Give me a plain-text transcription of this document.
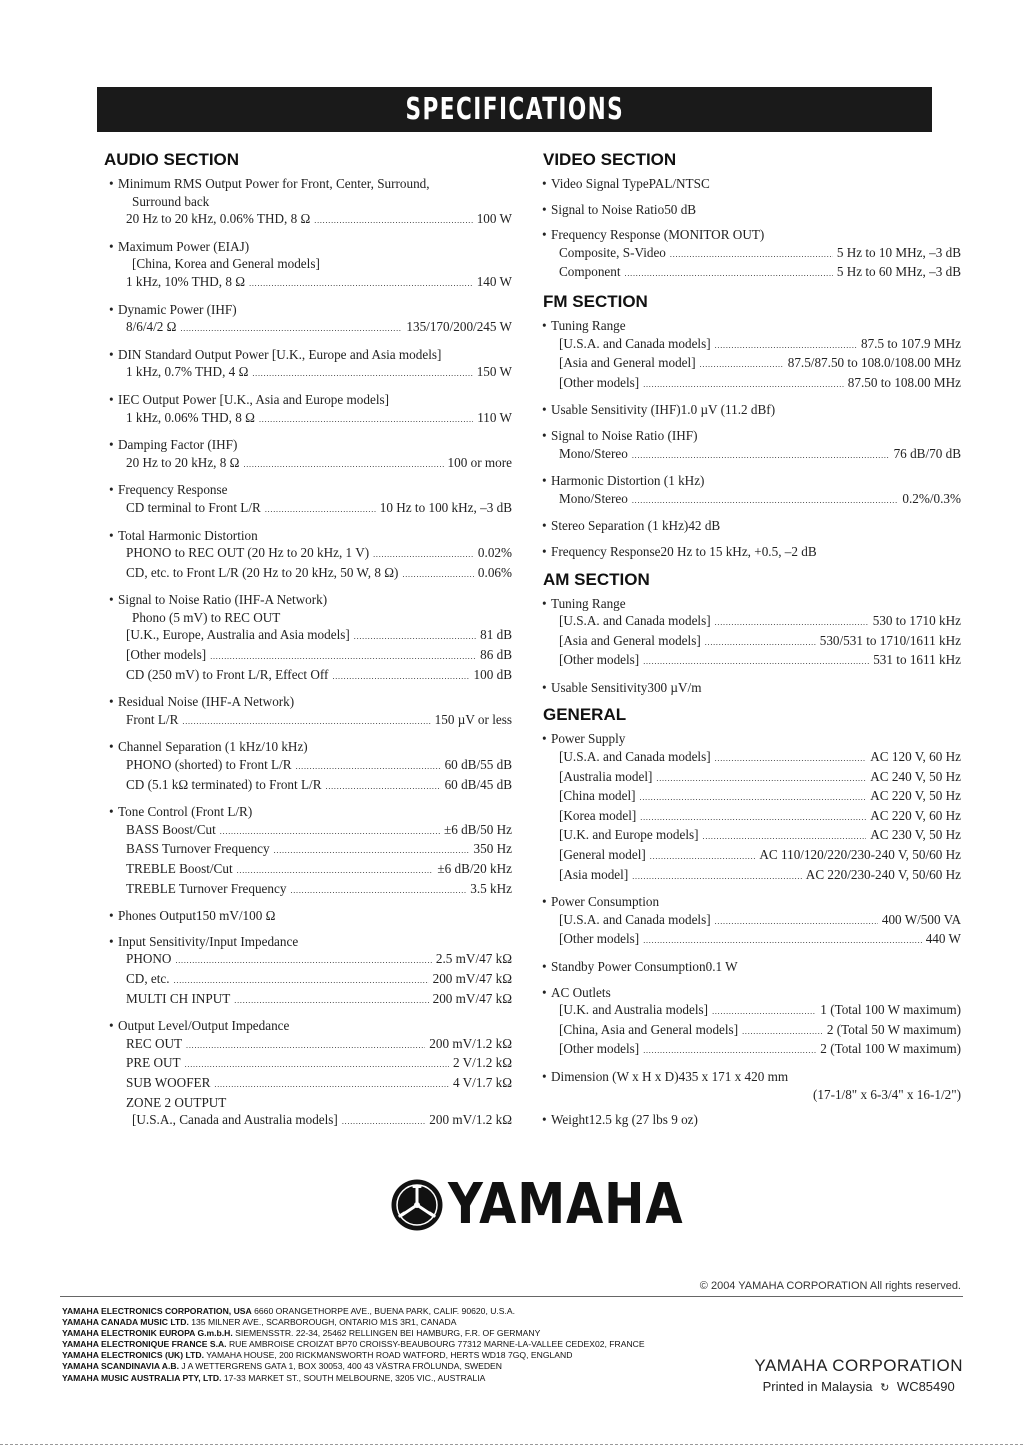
SPECIFICATIONS
AUDIO SECTION
• Minimum RMS Output Power for Front, Center, Surround,
Surround back
20 Hz to 20 kHz, 0.06% THD, 8 Ω . . .	100 W
• Maximum Power (EIAJ)
[China, Korea and General models]
1 kHz, 10% THD, 8 Ω . . .	140 W
• Dynamic Power (IHF)
8/6/4/2 Ω . . .	135/170/200/245 W
• DIN Standard Output Power [U.K., Europe and Asia models]
1 kHz, 0.7% THD, 4 Ω . . .	150 W
• IEC Output Power [U.K., Asia and Europe models]
1 kHz, 0.06% THD, 8 Ω . . .	110 W
• Damping Factor (IHF)
20 Hz to 20 kHz, 8 Ω . . .	100 or more
• Frequency Response
CD terminal to Front L/R . . .	10 Hz to 100 kHz, –3 dB
• Total Harmonic Distortion
PHONO to REC OUT (20 Hz to 20 kHz, 1 V) . . .	0.02%
CD, etc. to Front L/R (20 Hz to 20 kHz, 50 W, 8 Ω) . . .	0.06%
• Signal to Noise Ratio (IHF-A Network)
Phono (5 mV) to REC OUT
[U.K., Europe, Australia and Asia models] . . .	81 dB
[Other models] . . .	86 dB
CD (250 mV) to Front L/R, Effect Off . . .	100 dB
• Residual Noise (IHF-A Network)
Front L/R . . .	150 µV or less
• Channel Separation (1 kHz/10 kHz)
PHONO (shorted) to Front L/R . . .	60 dB/55 dB
CD (5.1 kΩ terminated) to Front L/R . . .	60 dB/45 dB
• Tone Control (Front L/R)
BASS Boost/Cut . . .	±6 dB/50 Hz
BASS Turnover Frequency . . .	350 Hz
TREBLE Boost/Cut . . .	±6 dB/20 kHz
TREBLE Turnover Frequency . . .	3.5 kHz
• Phones Output 150 mV/100 Ω
• Input Sensitivity/Input Impedance
PHONO . . .	2.5 mV/47 kΩ
CD, etc. . . .	200 mV/47 kΩ
MULTI CH INPUT . . .	200 mV/47 kΩ
• Output Level/Output Impedance
REC OUT . . .	200 mV/1.2 kΩ
PRE OUT . . .	2 V/1.2 kΩ
SUB WOOFER . . .	4 V/1.7 kΩ
ZONE 2 OUTPUT
[U.S.A., Canada and Australia models] . . .	200 mV/1.2 kΩ
VIDEO SECTION
• Video Signal Type PAL/NTSC
• Signal to Noise Ratio 50 dB
• Frequency Response (MONITOR OUT)
Composite, S-Video . . .	5 Hz to 10 MHz, –3 dB
Component . . .	5 Hz to 60 MHz, –3 dB
FM SECTION
• Tuning Range
[U.S.A. and Canada models] . . .	87.5 to 107.9 MHz
[Asia and General model] . . .	87.5/87.50 to 108.0/108.00 MHz
[Other models] . . .	87.50 to 108.00 MHz
• Usable Sensitivity (IHF) 1.0 µV (11.2 dBf)
• Signal to Noise Ratio (IHF)
Mono/Stereo . . .	76 dB/70 dB
• Harmonic Distortion (1 kHz)
Mono/Stereo . . .	0.2%/0.3%
• Stereo Separation (1 kHz) 42 dB
• Frequency Response 20 Hz to 15 kHz, +0.5, –2 dB
AM SECTION
• Tuning Range
[U.S.A. and Canada models] . . .	530 to 1710 kHz
[Asia and General models] . . .	530/531 to 1710/1611 kHz
[Other models] . . .	531 to 1611 kHz
• Usable Sensitivity 300 µV/m
GENERAL
• Power Supply
[U.S.A. and Canada models] . . .	AC 120 V, 60 Hz
[Australia model] . . .	AC 240 V, 50 Hz
[China model] . . .	AC 220 V, 50 Hz
[Korea model] . . .	AC 220 V, 60 Hz
[U.K. and Europe models] . . .	AC 230 V, 50 Hz
[General model] . . .	AC 110/120/220/230-240 V, 50/60 Hz
[Asia model] . . .	AC 220/230-240 V, 50/60 Hz
• Power Consumption
[U.S.A. and Canada models] . . .	400 W/500 VA
[Other models] . . .	440 W
• Standby Power Consumption 0.1 W
• AC Outlets
[U.K. and Australia models] . . .	1 (Total 100 W maximum)
[China, Asia and General models] . . .	2 (Total 50 W maximum)
[Other models] . . .	2 (Total 100 W maximum)
• Dimension (W x H x D) 435 x 171 x 420 mm
(17-1/8" x 6-3/4" x 16-1/2")
• Weight 12.5 kg (27 lbs 9 oz)
YAMAHA
© 2004 YAMAHA CORPORATION All rights reserved.
YAMAHA ELECTRONICS CORPORATION, USA 6660 ORANGETHORPE AVE., BUENA PARK, CALIF. 90620, U.S.A.
YAMAHA CANADA MUSIC LTD. 135 MILNER AVE., SCARBOROUGH, ONTARIO M1S 3R1, CANADA
YAMAHA ELECTRONIK EUROPA G.m.b.H. SIEMENSSTR. 22-34, 25462 RELLINGEN BEI HAMBURG, F.R. OF GERMANY
YAMAHA ELECTRONIQUE FRANCE S.A. RUE AMBROISE CROIZAT BP70 CROISSY-BEAUBOURG 77312 MARNE-LA-VALLEE CEDEX02, FRANCE
YAMAHA ELECTRONICS (UK) LTD. YAMAHA HOUSE, 200 RICKMANSWORTH ROAD WATFORD, HERTS WD18 7GQ, ENGLAND
YAMAHA SCANDINAVIA A.B. J A WETTERGRENS GATA 1, BOX 30053, 400 43 VÄSTRA FRÖLUNDA, SWEDEN
YAMAHA MUSIC AUSTRALIA PTY, LTD. 17-33 MARKET ST., SOUTH MELBOURNE, 3205 VIC., AUSTRALIA
YAMAHA CORPORATION
Printed in Malaysia ↻ WC85490
